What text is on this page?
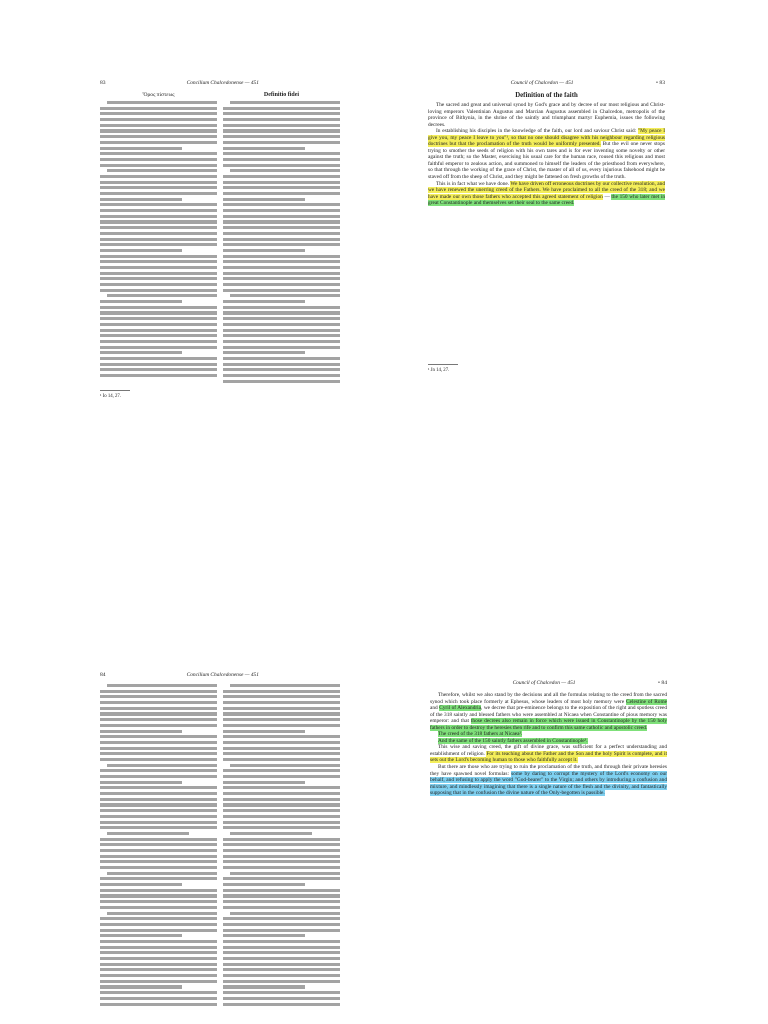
83	Concilium Chalcedonense — 451
Ὅρος πίστεως	Definitio fidei
¹ Io 14, 27.
Council of Chalcedon — 451	• 83
Definition of the faith

The sacred and great and universal synod by God's grace and by decree of our most religious and Christ-loving emperors Valentinian Augustus and Marcian Augustus assembled in Chalcedon, metropolis of the province of Bithynia, in the shrine of the saintly and triumphant martyr Euphemia, issues the following decrees.

In establishing his disciples in the knowledge of the faith, our lord and saviour Christ said: "My peace I give you, my peace I leave to you"¹, so that no one should disagree with his neighbour regarding religious doctrines but that the proclamation of the truth would be uniformly presented. But the evil one never stops trying to smother the seeds of religion with his own tares and is for ever inventing some novelty or other against the truth; so the Master, exercising his usual care for the human race, roused this religious and most faithful emperor to zealous action, and summoned to himself the leaders of the priesthood from everywhere, so that through the working of the grace of Christ, the master of all of us, every injurious falsehood might be staved off from the sheep of Christ, and they might be fattened on fresh growths of the truth.

This is in fact what we have done. We have driven off erroneous doctrines by our collective resolution, and we have renewed the unerring creed of the Fathers. We have proclaimed to all the creed of the 318; and we have made our own those fathers who accepted this agreed statement of religion — the 150 who later met in great Constantinople and themselves set their seal to the same creed.

¹ Jn 14, 27.
84	Concilium Chalcedonense — 451
Council of Chalcedon — 451	• 84

Therefore, whilst we also stand by the decisions and all the formulas relating to the creed from the sacred synod which took place formerly at Ephesus, whose leaders of most holy memory were Celestine of Rome and Cyril of Alexandria, we decree that pre-eminence belongs to the exposition of the right and spotless creed of the 318 saintly and blessed fathers who were assembled at Nicaea when Constantine of pious memory was emperor: and that those decrees also remain in force which were issued in Constantinople by the 150 holy fathers in order to destroy the heresies then rife and to confirm this same catholic and apostolic creed.

The creed of the 318 fathers at Nicaea².

And the same of the 150 saintly fathers assembled in Constantinople³.

This wise and saving creed, the gift of divine grace, was sufficient for a perfect understanding and establishment of religion. For its teaching about the Father and the Son and the holy Spirit is complete, and it sets out the Lord's becoming human to those who faithfully accept it.

But there are those who are trying to ruin the proclamation of the truth, and through their private heresies they have spawned novel formulas: some by daring to corrupt the mystery of the Lord's economy on our behalf, and refusing to apply the word "God-bearer" to the Virgin; and others by introducing a confusion and mixture, and mindlessly imagining that there is a single nature of the flesh and the divinity, and fantastically supposing that in the confusion the divine nature of the Only-begotten is passible.
